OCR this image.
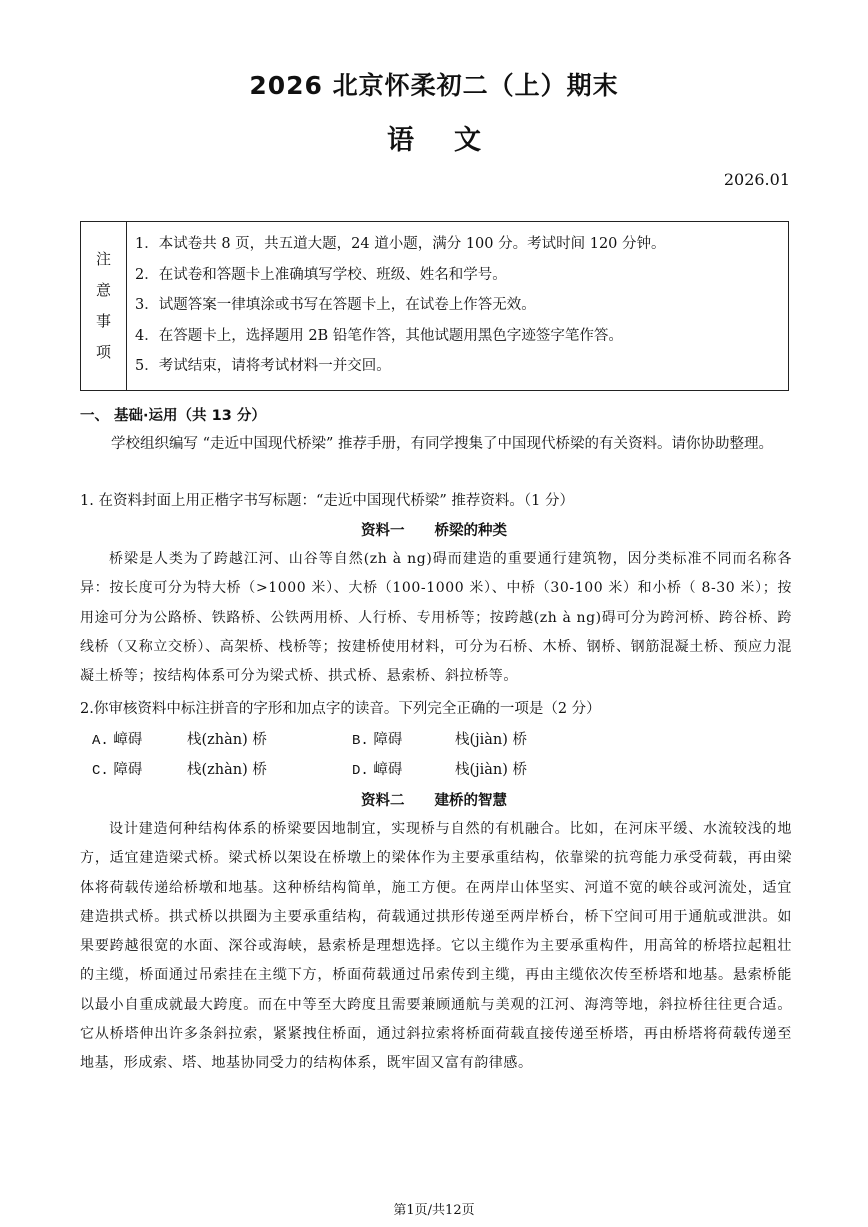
2026 北京怀柔初二（上）期末
语文
2026.01
注
意
事
项
1．本试卷共 8 页，共五道大题，24 道小题，满分 100 分。考试时间 120 分钟。
2．在试卷和答题卡上准确填写学校、班级、姓名和学号。
3．试题答案一律填涂或书写在答题卡上，在试卷上作答无效。
4．在答题卡上，选择题用 2B 铅笔作答，其他试题用黑色字迹签字笔作答。
5．考试结束，请将考试材料一并交回。
一、 基础·运用（共 13 分）
学校组织编写 “走近中国现代桥梁” 推荐手册，有同学搜集了中国现代桥梁的有关资料。请你协助整理。
1. 在资料封面上用正楷字书写标题：“走近中国现代桥梁” 推荐资料。（1 分）
资料一 桥梁的种类
桥梁是人类为了跨越江河、山谷等自然(zh à ng)碍而建造的重要通行建筑物，因分类标准不同而名称各异：按长度可分为特大桥（>1000 米）、大桥（100-1000 米）、中桥（30-100 米）和小桥（ 8-30 米）；按用途可分为公路桥、铁路桥、公铁两用桥、人行桥、专用桥等；按跨越(zh à ng)碍可分为跨河桥、跨谷桥、跨线桥（又称立交桥）、高架桥、栈桥等；按建桥使用材料，可分为石桥、木桥、钢桥、钢筋混凝土桥、预应力混凝土桥等；按结构体系可分为梁式桥、拱式桥、悬索桥、斜拉桥等。
2.你审核资料中标注拼音的字形和加点字的读音。下列完全正确的一项是（2 分）
A. 嶂碍	栈(zhàn) 桥	B. 障碍	栈(jiàn) 桥
C. 障碍	栈(zhàn) 桥	D. 嶂碍	栈(jiàn) 桥
资料二 建桥的智慧
设计建造何种结构体系的桥梁要因地制宜，实现桥与自然的有机融合。比如，在河床平缓、水流较浅的地方，适宜建造梁式桥。梁式桥以架设在桥墩上的梁体作为主要承重结构，依靠梁的抗弯能力承受荷载，再由梁体将荷载传递给桥墩和地基。这种桥结构简单，施工方便。在两岸山体坚实、河道不宽的峡谷或河流处，适宜建造拱式桥。拱式桥以拱圈为主要承重结构，荷载通过拱形传递至两岸桥台，桥下空间可用于通航或泄洪。如果要跨越很宽的水面、深谷或海峡，悬索桥是理想选择。它以主缆作为主要承重构件，用高耸的桥塔拉起粗壮的主缆，桥面通过吊索挂在主缆下方，桥面荷载通过吊索传到主缆，再由主缆依次传至桥塔和地基。悬索桥能以最小自重成就最大跨度。而在中等至大跨度且需要兼顾通航与美观的江河、海湾等地，斜拉桥往往更合适。它从桥塔伸出许多条斜拉索，紧紧拽住桥面，通过斜拉索将桥面荷载直接传递至桥塔，再由桥塔将荷载传递至地基，形成索、塔、地基协同受力的结构体系，既牢固又富有韵律感。
第1页/共12页
